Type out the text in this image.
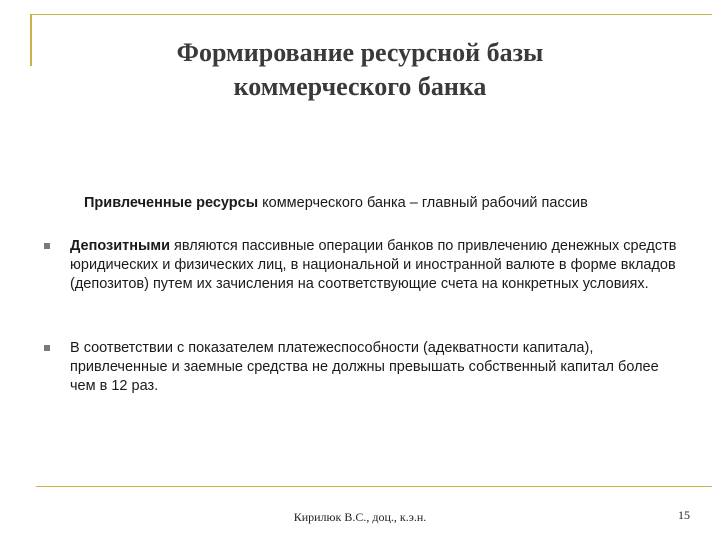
Формирование ресурсной базы
коммерческого банка
Привлеченные ресурсы коммерческого банка – главный рабочий пассив
Депозитными являются пассивные операции банков по привлечению денежных средств юридических и физических лиц, в национальной и иностранной валюте в форме вкладов (депозитов) путем их зачисления на соответствующие счета на конкретных условиях.
В соответствии с показателем платежеспособности (адекватности капитала), привлеченные и заемные средства не должны превышать собственный капитал более чем в 12 раз.
Кирилюк В.С., доц., к.э.н.	15
